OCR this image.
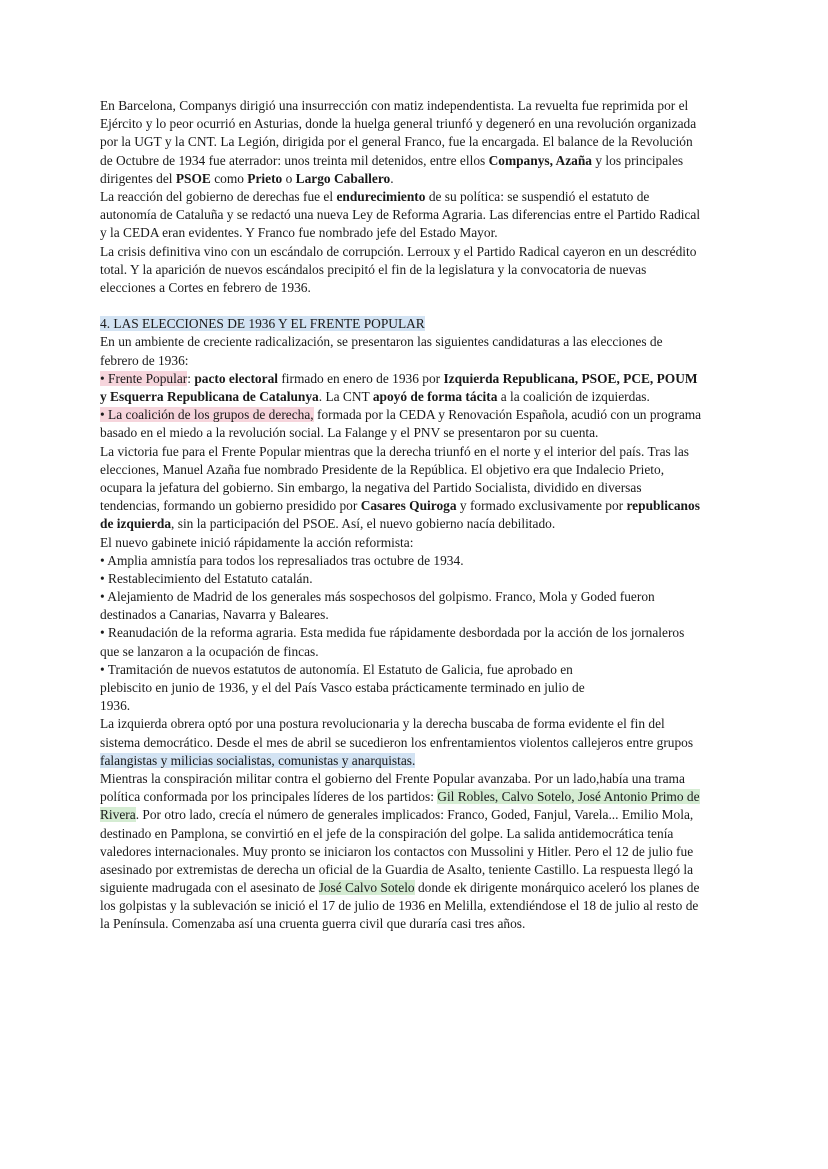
En Barcelona, Companys dirigió una insurrección con matiz independentista. La revuelta fue reprimida por el
Ejército y lo peor ocurrió en Asturias, donde la huelga general triunfó y degeneró en una revolución organizada
por la UGT y la CNT. La Legión, dirigida por el general Franco, fue la encargada. El balance de la Revolución
de Octubre de 1934 fue aterrador: unos treinta mil detenidos, entre ellos Companys, Azaña y los principales
dirigentes del PSOE como Prieto o Largo Caballero.
La reacción del gobierno de derechas fue el endurecimiento de su política: se suspendió el estatuto de
autonomía de Cataluña y se redactó una nueva Ley de Reforma Agraria. Las diferencias entre el Partido Radical
y la CEDA eran evidentes. Y Franco fue nombrado jefe del Estado Mayor.
La crisis definitiva vino con un escándalo de corrupción. Lerroux y el Partido Radical cayeron en un descrédito
total. Y la aparición de nuevos escándalos precipitó el fin de la legislatura y la convocatoria de nuevas
elecciones a Cortes en febrero de 1936.
4. LAS ELECCIONES DE 1936 Y EL FRENTE POPULAR
En un ambiente de creciente radicalización, se presentaron las siguientes candidaturas a las elecciones de
febrero de 1936:
• Frente Popular: pacto electoral firmado en enero de 1936 por Izquierda Republicana, PSOE, PCE, POUM
y Esquerra Republicana de Catalunya. La CNT apoyó de forma tácita a la coalición de izquierdas.
• La coalición de los grupos de derecha, formada por la CEDA y Renovación Española, acudió con un programa
basado en el miedo a la revolución social. La Falange y el PNV se presentaron por su cuenta.
La victoria fue para el Frente Popular mientras que la derecha triunfó en el norte y el interior del país. Tras las
elecciones, Manuel Azaña fue nombrado Presidente de la República. El objetivo era que Indalecio Prieto,
ocupara la jefatura del gobierno. Sin embargo, la negativa del Partido Socialista, dividido en diversas
tendencias, formando un gobierno presidido por Casares Quiroga y formado exclusivamente por republicanos
de izquierda, sin la participación del PSOE. Así, el nuevo gobierno nacía debilitado.
El nuevo gabinete inició rápidamente la acción reformista:
• Amplia amnistía para todos los represaliados tras octubre de 1934.
• Restablecimiento del Estatuto catalán.
• Alejamiento de Madrid de los generales más sospechosos del golpismo. Franco, Mola y Goded fueron
destinados a Canarias, Navarra y Baleares.
• Reanudación de la reforma agraria. Esta medida fue rápidamente desbordada por la acción de los jornaleros
que se lanzaron a la ocupación de fincas.
• Tramitación de nuevos estatutos de autonomía. El Estatuto de Galicia, fue aprobado en
plebiscito en junio de 1936, y el del País Vasco estaba prácticamente terminado en julio de
1936.
La izquierda obrera optó por una postura revolucionaria y la derecha buscaba de forma evidente el fin del
sistema democrático. Desde el mes de abril se sucedieron los enfrentamientos violentos callejeros entre grupos
falangistas y milicias socialistas, comunistas y anarquistas.
Mientras la conspiración militar contra el gobierno del Frente Popular avanzaba. Por un lado,había una trama
política conformada por los principales líderes de los partidos: Gil Robles, Calvo Sotelo, José Antonio Primo de
Rivera. Por otro lado, crecía el número de generales implicados: Franco, Goded, Fanjul, Varela... Emilio Mola,
destinado en Pamplona, se convirtió en el jefe de la conspiración del golpe. La salida antidemocrática tenía
valedores internacionales. Muy pronto se iniciaron los contactos con Mussolini y Hitler. Pero el 12 de julio fue
asesinado por extremistas de derecha un oficial de la Guardia de Asalto, teniente Castillo. La respuesta llegó la
siguiente madrugada con el asesinato de José Calvo Sotelo donde ek dirigente monárquico aceleró los planes de
los golpistas y la sublevación se inició el 17 de julio de 1936 en Melilla, extendiéndose el 18 de julio al resto de
la Península. Comenzaba así una cruenta guerra civil que duraría casi tres años.
